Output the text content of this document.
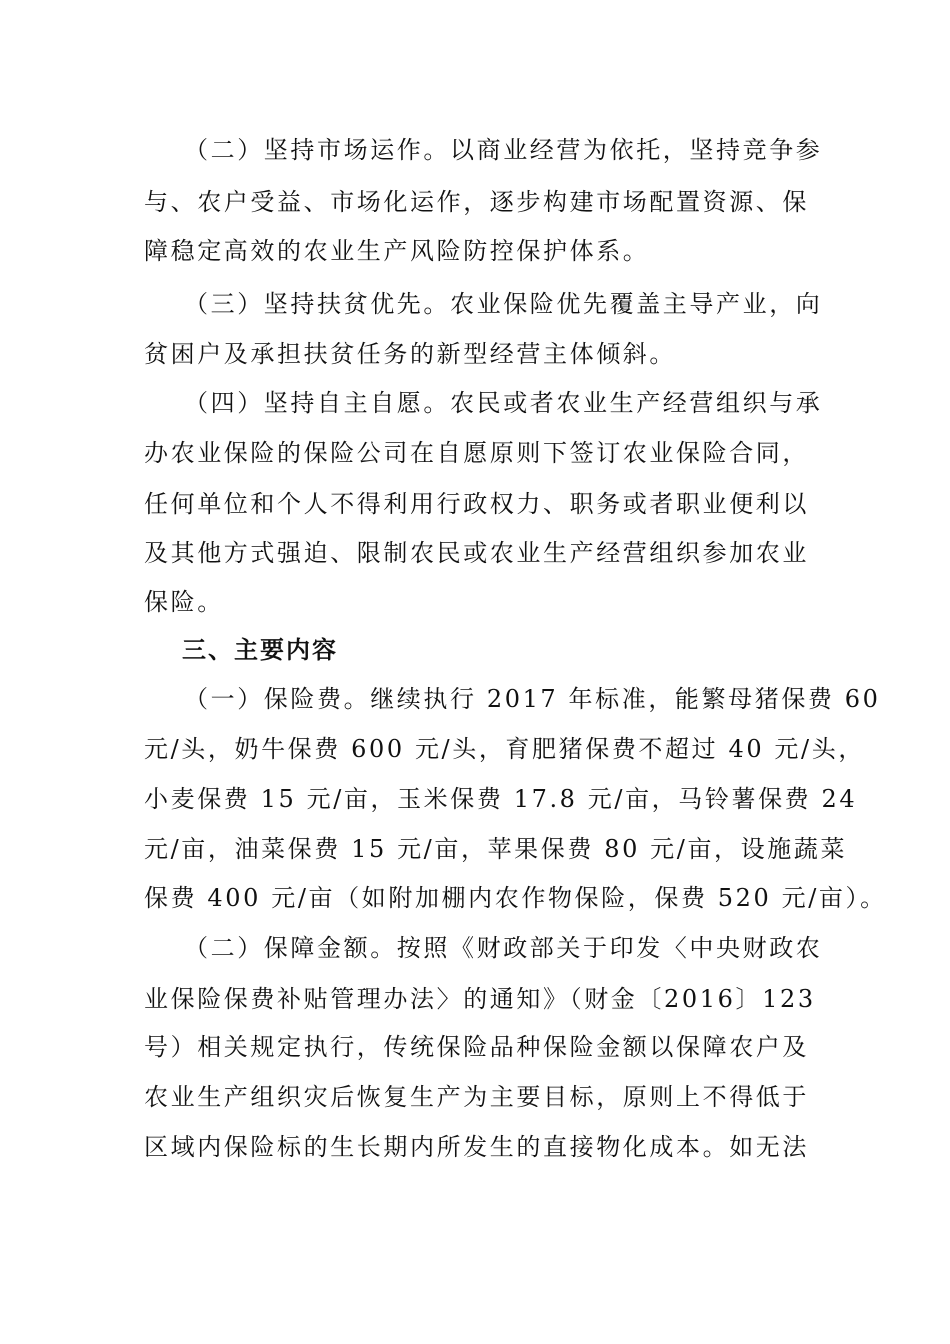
（二）坚持市场运作。以商业经营为依托，坚持竞争参
与、农户受益、市场化运作，逐步构建市场配置资源、保
障稳定高效的农业生产风险防控保护体系。
（三）坚持扶贫优先。农业保险优先覆盖主导产业，向
贫困户及承担扶贫任务的新型经营主体倾斜。
（四）坚持自主自愿。农民或者农业生产经营组织与承
办农业保险的保险公司在自愿原则下签订农业保险合同，
任何单位和个人不得利用行政权力、职务或者职业便利以
及其他方式强迫、限制农民或农业生产经营组织参加农业
保险。
三、主要内容
（一）保险费。继续执行 2017 年标准，能繁母猪保费 60
元/头，奶牛保费 600 元/头，育肥猪保费不超过 40 元/头，
小麦保费 15 元/亩，玉米保费 17.8 元/亩，马铃薯保费 24
元/亩，油菜保费 15 元/亩，苹果保费 80 元/亩，设施蔬菜
保费 400 元/亩（如附加棚内农作物保险，保费 520 元/亩）。
（二）保障金额。按照《财政部关于印发〈中央财政农
业保险保费补贴管理办法〉的通知》（财金〔2016〕123
号）相关规定执行，传统保险品种保险金额以保障农户及
农业生产组织灾后恢复生产为主要目标，原则上不得低于
区域内保险标的生长期内所发生的直接物化成本。如无法
